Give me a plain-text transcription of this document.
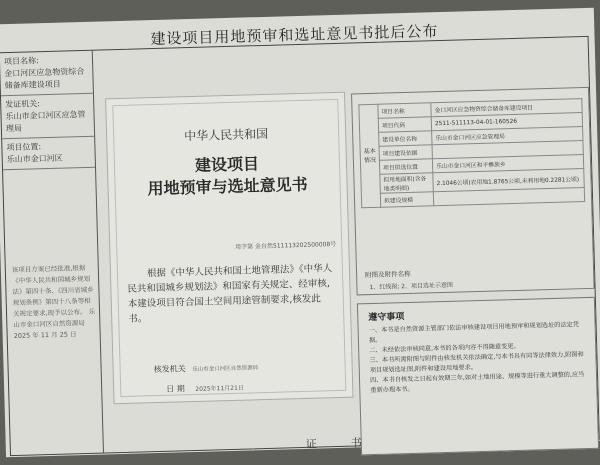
建设项目用地预审和选址意见书批后公布
项目名称:
金口河区应急物资综合储备库建设项目
发证机关:
乐山市金口河区应急管理局
项目位置:
乐山市金口河区
该项目方案已经批准,根据《中华人民共和国城乡规划法》第四十条、《四川省城乡规划条例》第四十八条等相关规定要求,现予以公布。 乐山市金口河区自然资源局 2025 年 11 月 25 日
中华人民共和国
建设项目
用地预审与选址意见书
用字第 金自然511113202500008号
根据《中华人民共和国土地管理法》《中华人民共和国城乡规划法》和国家有关规定、经审核,本建设项目符合国土空间用途管制要求,核发此书。
核发机关 乐山市金口河区自然资源局
日 期 2025年11月21日
基本情况	项目名称	金口河区应急物资综合储备库建设项目
	项目代码	2511-511113-04-01-160526
	建设单位名称	乐山市金口河区应急管理局
	项目建设依据	
	项目拟选位置	乐山市金口河区和平彝族乡
	拟用地面积(含各地类明细)	2.1046公顷(农用地1.8765公顷,未利用地0.2281公顷)
	拟建设规模	
附图及附件名称
1、红线图; 2、项目选址示意图
遵守事项
一、本书是自然资源主管部门依法审核建设项目用地预审和规划选址的法定凭据。
二、未经依法审核同意,本书的各项内容不得随意变更。
三、本书所需附图与附件由核发机关依法确定,与本书具有同等法律效力,附图和项目规划选址图,附件和建设用地要求。
四、本书自核发之日起有效期三年,如对土地用途、规模等进行重大调整的,应当重新办理本书。
证书
